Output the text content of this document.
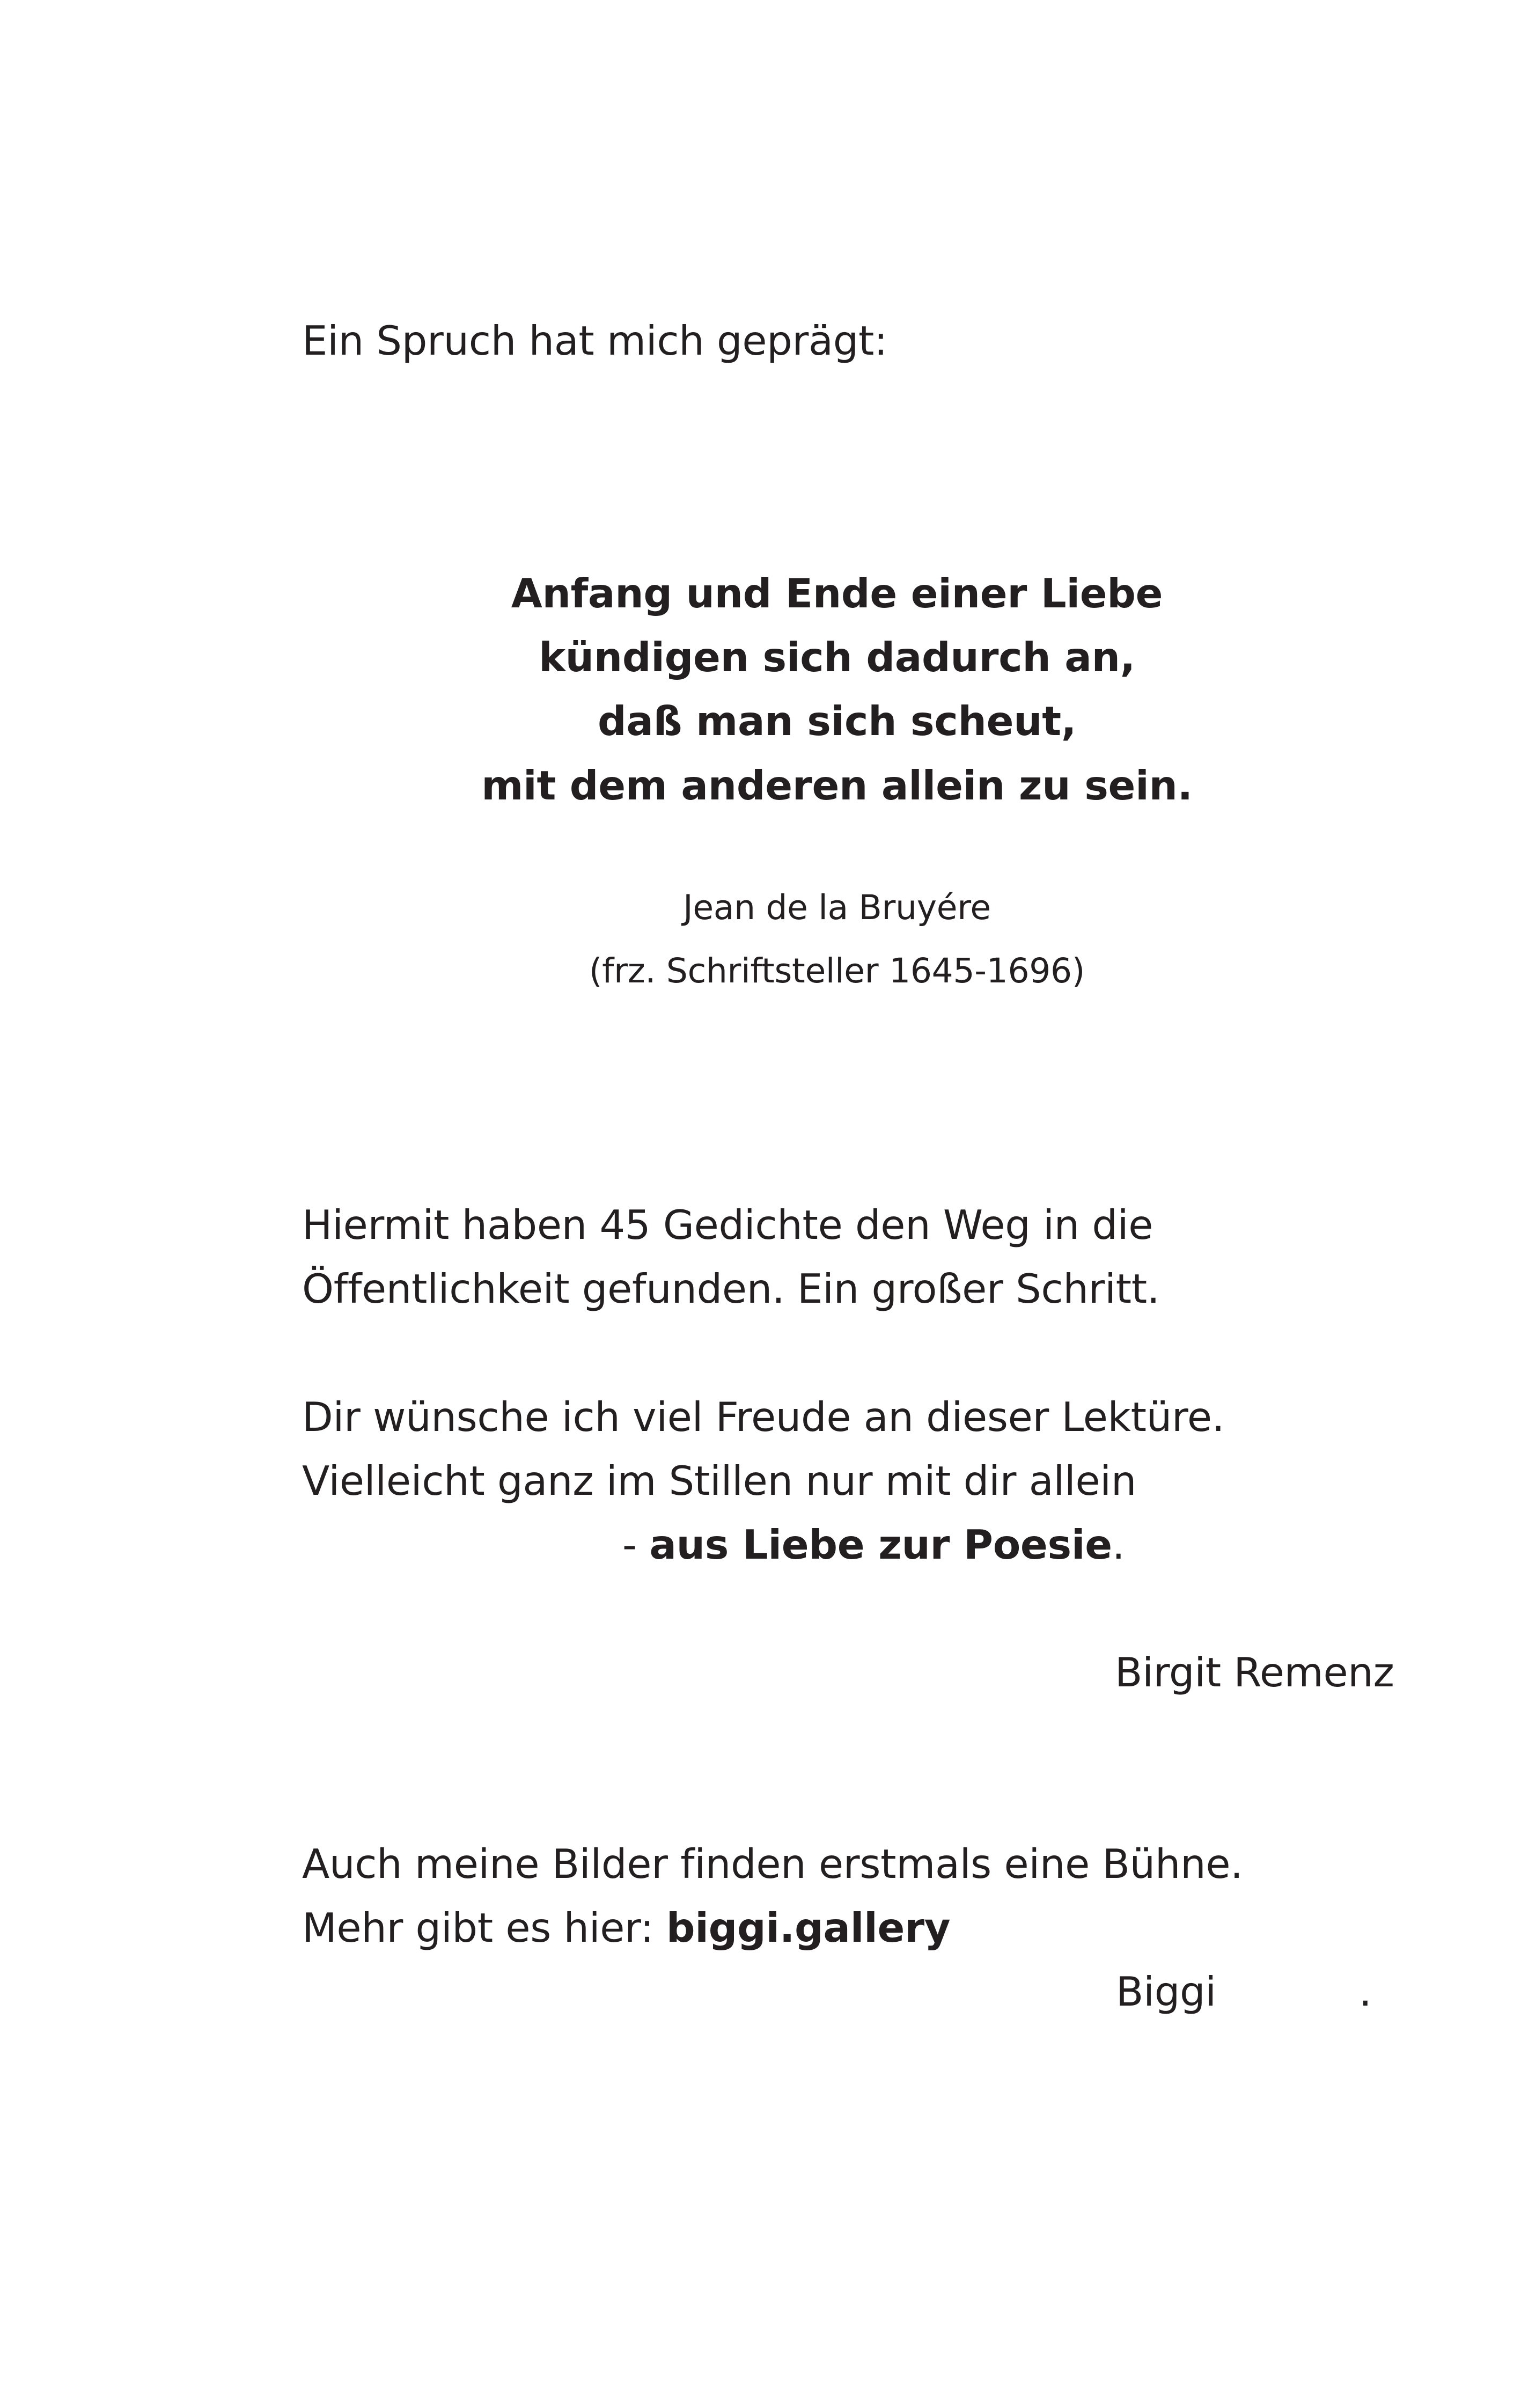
Ein Spruch hat mich geprägt:

Anfang und Ende einer Liebe

kündigen sich dadurch an,

daß man sich scheut,

mit dem anderen allein zu sein.

Jean de la Bruyére

(frz. Schriftsteller 1645-1696)

Hiermit haben 45 Gedichte den Weg in die

Öffentlichkeit gefunden. Ein großer Schritt.

Dir wünsche ich viel Freude an dieser Lektüre.

Vielleicht ganz im Stillen nur mit dir allein

- aus Liebe zur Poesie.

Birgit Remenz

Auch meine Bilder finden erstmals eine Bühne.

Mehr gibt es hier: biggi.gallery

Biggi	.
